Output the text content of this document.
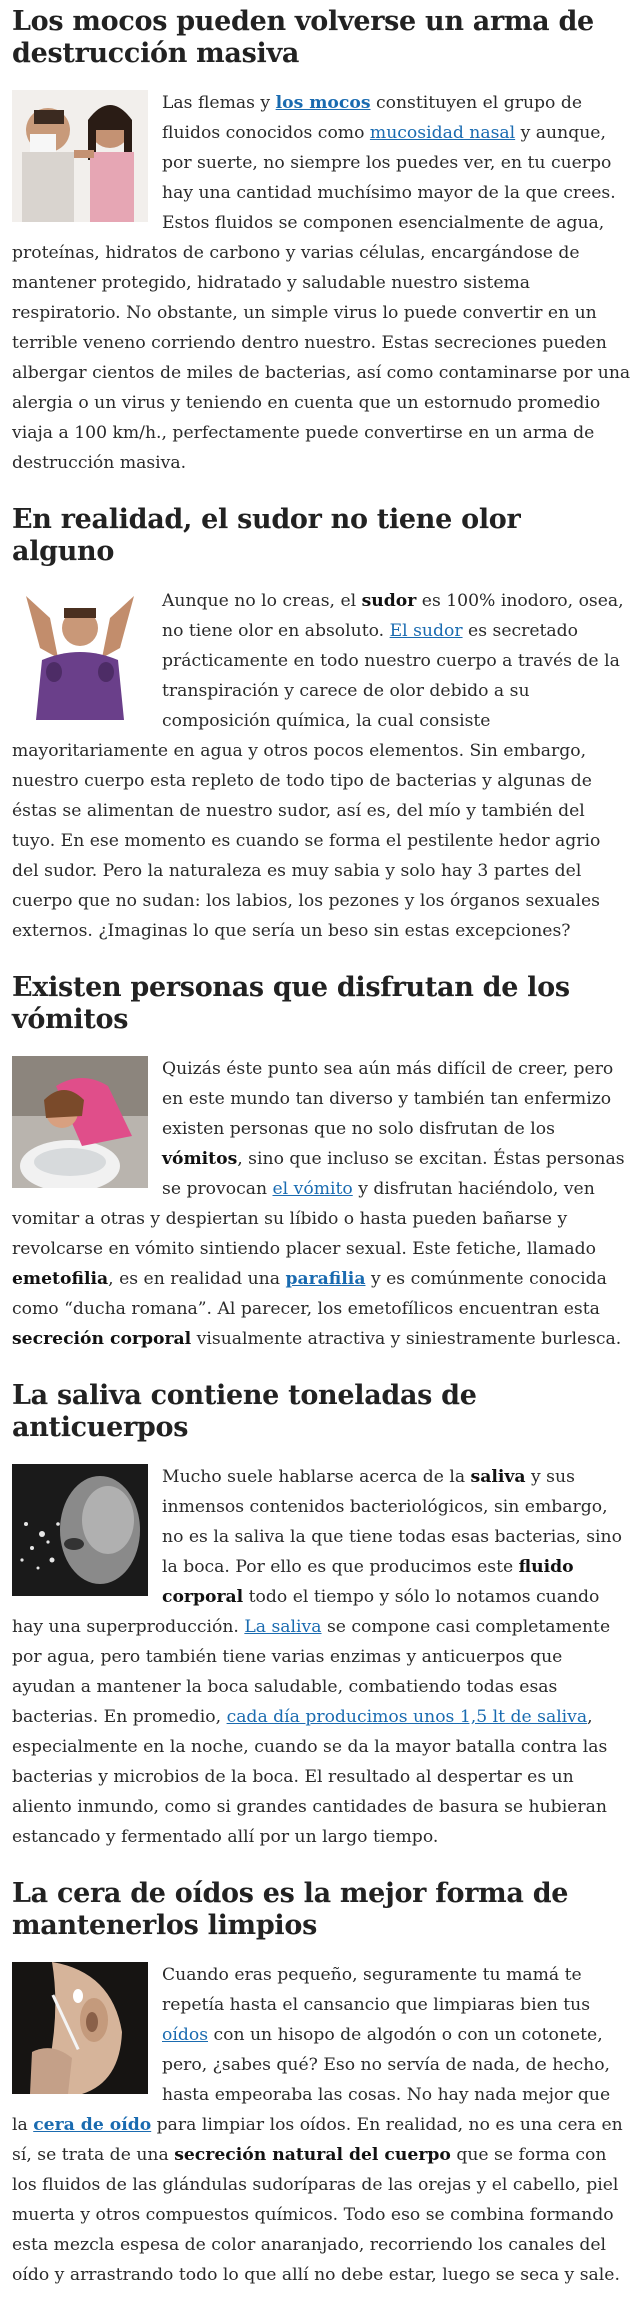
Los mocos pueden volverse un arma de destrucción masiva

Las flemas y los mocos constituyen el grupo de fluidos conocidos como mucosidad nasal y aunque, por suerte, no siempre los puedes ver, en tu cuerpo hay una cantidad muchísimo mayor de la que crees. Estos fluidos se componen esencialmente de agua, proteínas, hidratos de carbono y varias células, encargándose de mantener protegido, hidratado y saludable nuestro sistema respiratorio. No obstante, un simple virus lo puede convertir en un terrible veneno corriendo dentro nuestro. Estas secreciones pueden albergar cientos de miles de bacterias, así como contaminarse por una alergia o un virus y teniendo en cuenta que un estornudo promedio viaja a 100 km/h., perfectamente puede convertirse en un arma de destrucción masiva.

En realidad, el sudor no tiene olor alguno

Aunque no lo creas, el sudor es 100% inodoro, osea, no tiene olor en absoluto. El sudor es secretado prácticamente en todo nuestro cuerpo a través de la transpiración y carece de olor debido a su composición química, la cual consiste mayoritariamente en agua y otros pocos elementos. Sin embargo, nuestro cuerpo esta repleto de todo tipo de bacterias y algunas de éstas se alimentan de nuestro sudor, así es, del mío y también del tuyo. En ese momento es cuando se forma el pestilente hedor agrio del sudor. Pero la naturaleza es muy sabia y solo hay 3 partes del cuerpo que no sudan: los labios, los pezones y los órganos sexuales externos. ¿Imaginas lo que sería un beso sin estas excepciones?

Existen personas que disfrutan de los vómitos

Quizás éste punto sea aún más difícil de creer, pero en este mundo tan diverso y también tan enfermizo existen personas que no solo disfrutan de los vómitos, sino que incluso se excitan. Éstas personas se provocan el vómito y disfrutan haciéndolo, ven vomitar a otras y despiertan su líbido o hasta pueden bañarse y revolcarse en vómito sintiendo placer sexual. Este fetiche, llamado emetofilia, es en realidad una parafilia y es comúnmente conocida como “ducha romana”. Al parecer, los emetofílicos encuentran esta secreción corporal visualmente atractiva y siniestramente burlesca.

La saliva contiene toneladas de anticuerpos

Mucho suele hablarse acerca de la saliva y sus inmensos contenidos bacteriológicos, sin embargo, no es la saliva la que tiene todas esas bacterias, sino la boca. Por ello es que producimos este fluido corporal todo el tiempo y sólo lo notamos cuando hay una superproducción. La saliva se compone casi completamente por agua, pero también tiene varias enzimas y anticuerpos que ayudan a mantener la boca saludable, combatiendo todas esas bacterias. En promedio, cada día producimos unos 1,5 lt de saliva, especialmente en la noche, cuando se da la mayor batalla contra las bacterias y microbios de la boca. El resultado al despertar es un aliento inmundo, como si grandes cantidades de basura se hubieran estancado y fermentado allí por un largo tiempo.

La cera de oídos es la mejor forma de mantenerlos limpios

Cuando eras pequeño, seguramente tu mamá te repetía hasta el cansancio que limpiaras bien tus oídos con un hisopo de algodón o con un cotonete, pero, ¿sabes qué? Eso no servía de nada, de hecho, hasta empeoraba las cosas. No hay nada mejor que la cera de oído para limpiar los oídos. En realidad, no es una cera en sí, se trata de una secreción natural del cuerpo que se forma con los fluidos de las glándulas sudoríparas de las orejas y el cabello, piel muerta y otros compuestos químicos. Todo eso se combina formando esta mezcla espesa de color anaranjado, recorriendo los canales del oído y arrastrando todo lo que allí no debe estar, luego se seca y sale.
